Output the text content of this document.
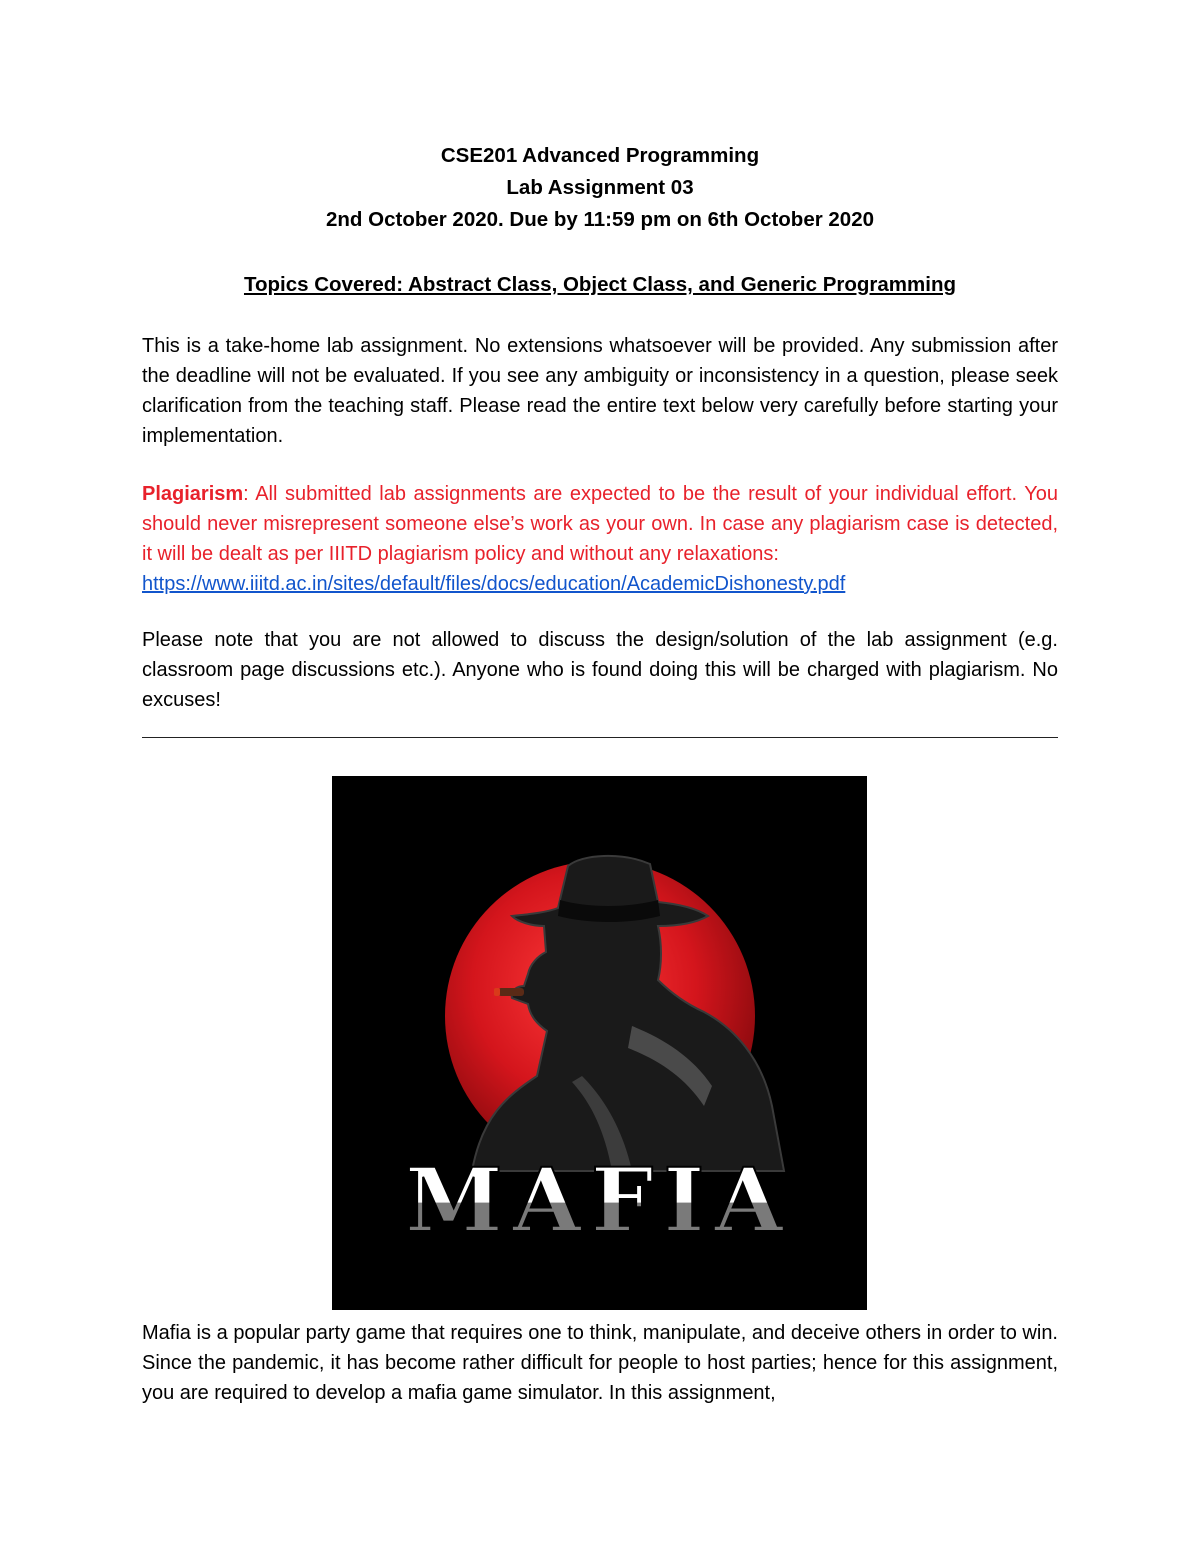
CSE201 Advanced Programming
Lab Assignment 03
2nd October 2020. Due by 11:59 pm on 6th October 2020
Topics Covered: Abstract Class, Object Class, and Generic Programming
This is a take-home lab assignment. No extensions whatsoever will be provided. Any submission after the deadline will not be evaluated. If you see any ambiguity or inconsistency in a question, please seek clarification from the teaching staff. Please read the entire text below very carefully before starting your implementation.
Plagiarism: All submitted lab assignments are expected to be the result of your individual effort. You should never misrepresent someone else’s work as your own. In case any plagiarism case is detected, it will be dealt as per IIITD plagiarism policy and without any relaxations:
https://www.iiitd.ac.in/sites/default/files/docs/education/AcademicDishonesty.pdf
Please note that you are not allowed to discuss the design/solution of the lab assignment (e.g. classroom page discussions etc.). Anyone who is found doing this will be charged with plagiarism. No excuses!
MAFIA
Mafia is a popular party game that requires one to think, manipulate, and deceive others in order to win. Since the pandemic, it has become rather difficult for people to host parties; hence for this assignment, you are required to develop a mafia game simulator. In this assignment,
